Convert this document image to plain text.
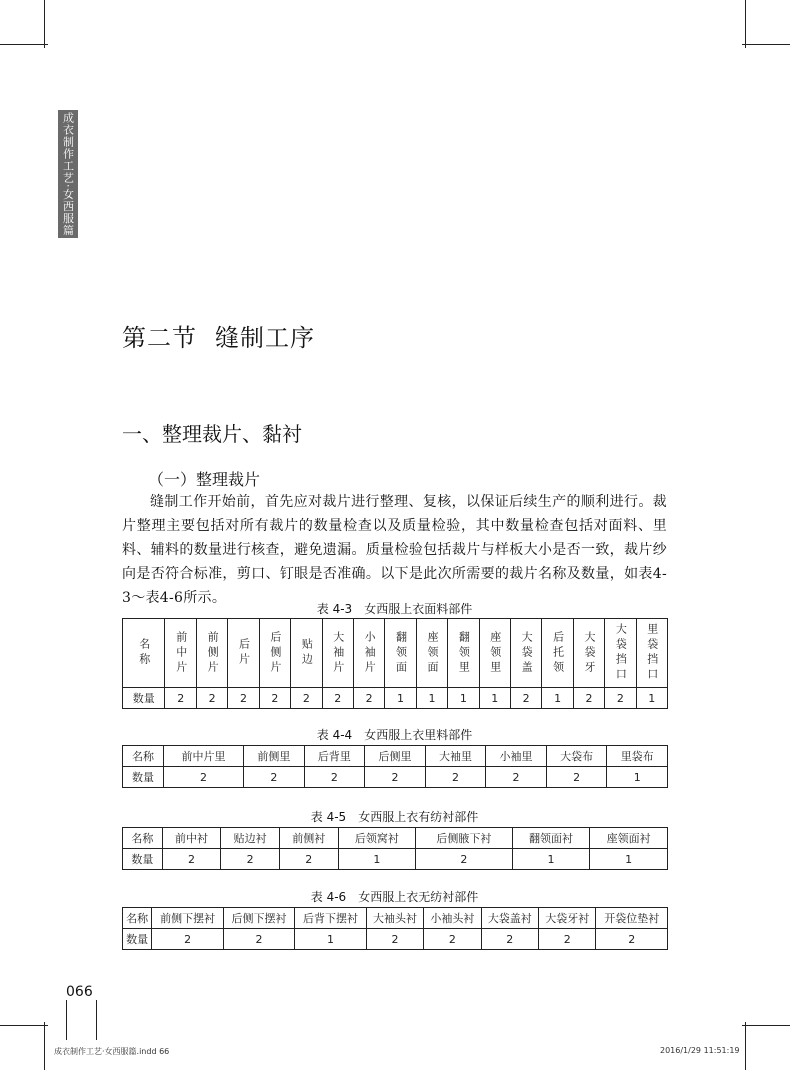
成衣制作工艺·女西服篇
第二节 缝制工序
一、整理裁片、黏衬
（一）整理裁片
缝制工作开始前，首先应对裁片进行整理、复核，以保证后续生产的顺利进行。裁片整理主要包括对所有裁片的数量检查以及质量检验，其中数量检查包括对面料、里料、辅料的数量进行核查，避免遗漏。质量检验包括裁片与样板大小是否一致，裁片纱向是否符合标准，剪口、钉眼是否准确。以下是此次所需要的裁片名称及数量，如表4-3～表4-6所示。
表 4-3　女西服上衣面料部件
名称	前中片	前侧片	后片	后侧片	贴边	大袖片	小袖片	翻领面	座领面	翻领里	座领里	大袋盖	后托领	大袋牙	大袋挡口	里袋挡口
数量	2	2	2	2	2	2	2	1	1	1	1	2	1	2	2	1
表 4-4　女西服上衣里料部件
名称	前中片里	前侧里	后背里	后侧里	大袖里	小袖里	大袋布	里袋布
数量	2	2	2	2	2	2	2	1
表 4-5　女西服上衣有纺衬部件
名称	前中衬	贴边衬	前侧衬	后领窝衬	后侧腋下衬	翻领面衬	座领面衬
数量	2	2	2	1	2	1	1
表 4-6　女西服上衣无纺衬部件
名称	前侧下摆衬	后侧下摆衬	后背下摆衬	大袖头衬	小袖头衬	大袋盖衬	大袋牙衬	开袋位垫衬
数量	2	2	1	2	2	2	2	2
066
成衣制作工艺·女西服篇.indd 66	2016/1/29 11:51:19
